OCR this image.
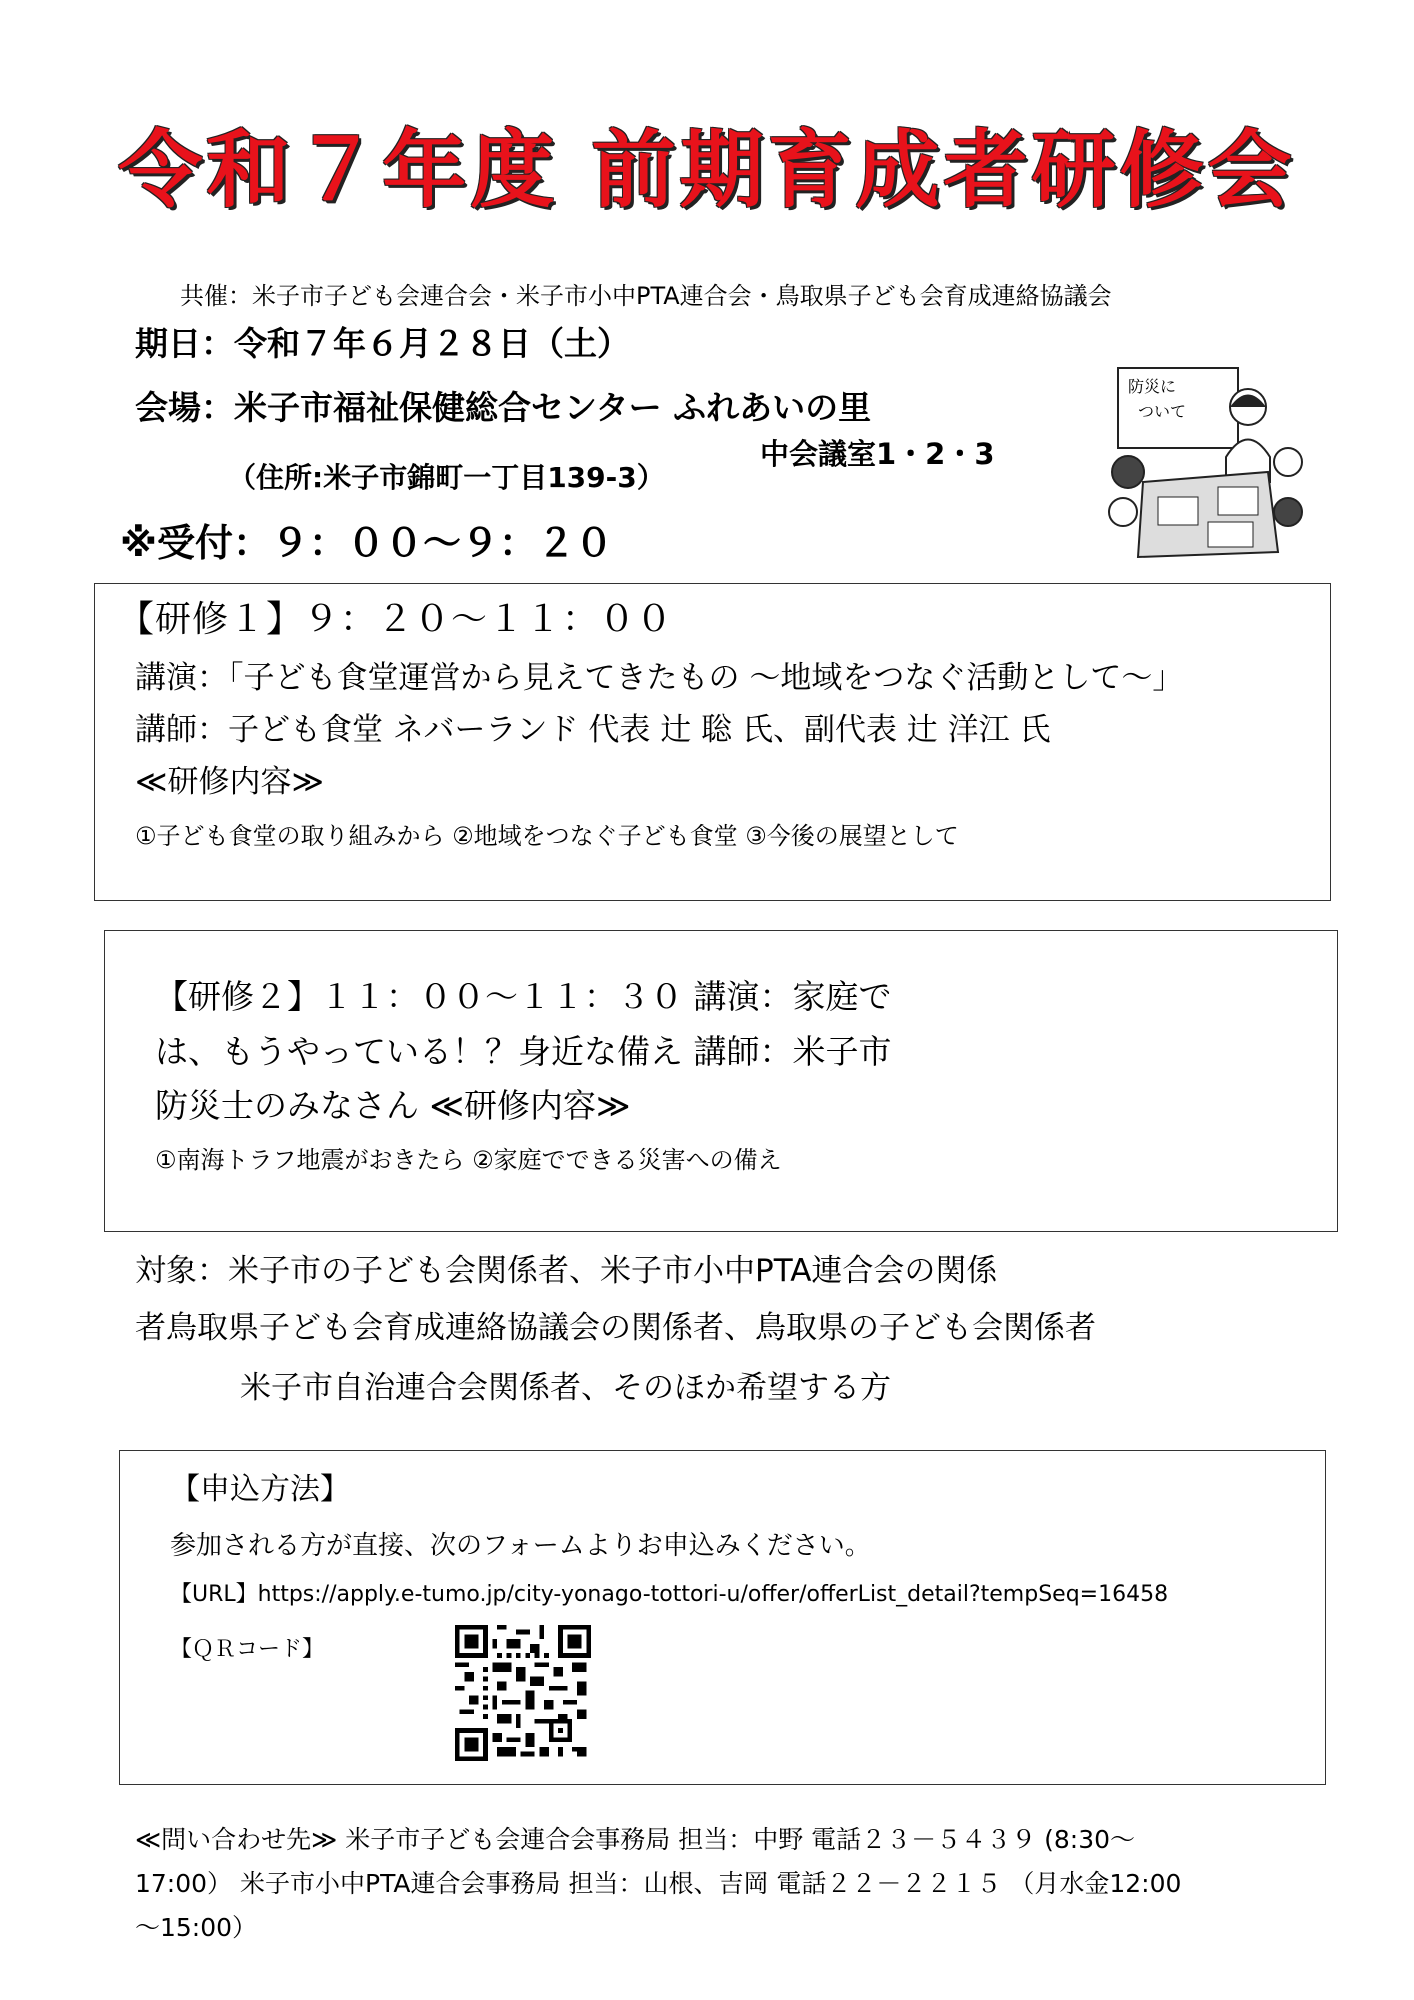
令和７年度 前期育成者研修会
共催：米子市子ども会連合会・米子市小中PTA連合会・鳥取県子ども会育成連絡協議会
期日：令和７年６月２８日（土）
会場：米子市福祉保健総合センター ふれあいの里
中会議室1・2・3
（住所:米子市錦町一丁目139-3）
※受付：９：００～９：２０
防災に
ついて
【研修１】９：２０～１１：００
講演：「子ども食堂運営から見えてきたもの ～地域をつなぐ活動として～」
講師：子ども食堂 ネバーランド 代表 辻 聡 氏、副代表 辻 洋江 氏
≪研修内容≫
①子ども食堂の取り組みから ②地域をつなぐ子ども食堂 ③今後の展望として
【研修２】１１：００～１１：３０ 講演：家庭で
は、もうやっている！？身近な備え 講師：米子市
防災士のみなさん ≪研修内容≫
①南海トラフ地震がおきたら ②家庭でできる災害への備え
対象：米子市の子ども会関係者、米子市小中PTA連合会の関係
者鳥取県子ども会育成連絡協議会の関係者、鳥取県の子ども会関係者
米子市自治連合会関係者、そのほか希望する方
【申込方法】
参加される方が直接、次のフォームよりお申込みください。
【URL】https://apply.e-tumo.jp/city-yonago-tottori-u/offer/offerList_detail?tempSeq=16458
【ＱＲコード】
≪問い合わせ先≫ 米子市子ども会連合会事務局 担当：中野 電話２３－５４３９ (8:30～
17:00） 米子市小中PTA連合会事務局 担当：山根、吉岡 電話２２－２２１５ （月水金12:00
～15:00）
